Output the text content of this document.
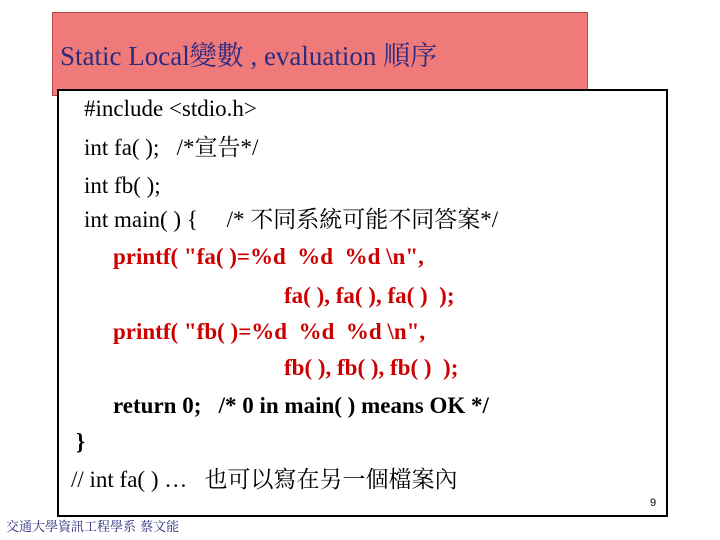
Static Local變數 , evaluation 順序
#include <stdio.h>
int fa( );   /*宣告*/
int fb( );
int main( ) {     /* 不同系統可能不同答案*/
printf( "fa( )=%d  %d  %d \n",
fa( ), fa( ), fa( )  );
printf( "fb( )=%d  %d  %d \n",
fb( ), fb( ), fb( )  );
return 0;   /* 0 in main( ) means OK */
}
// int fa( ) …   也可以寫在另一個檔案內
9
交通大學資訊工程學系 蔡文能
